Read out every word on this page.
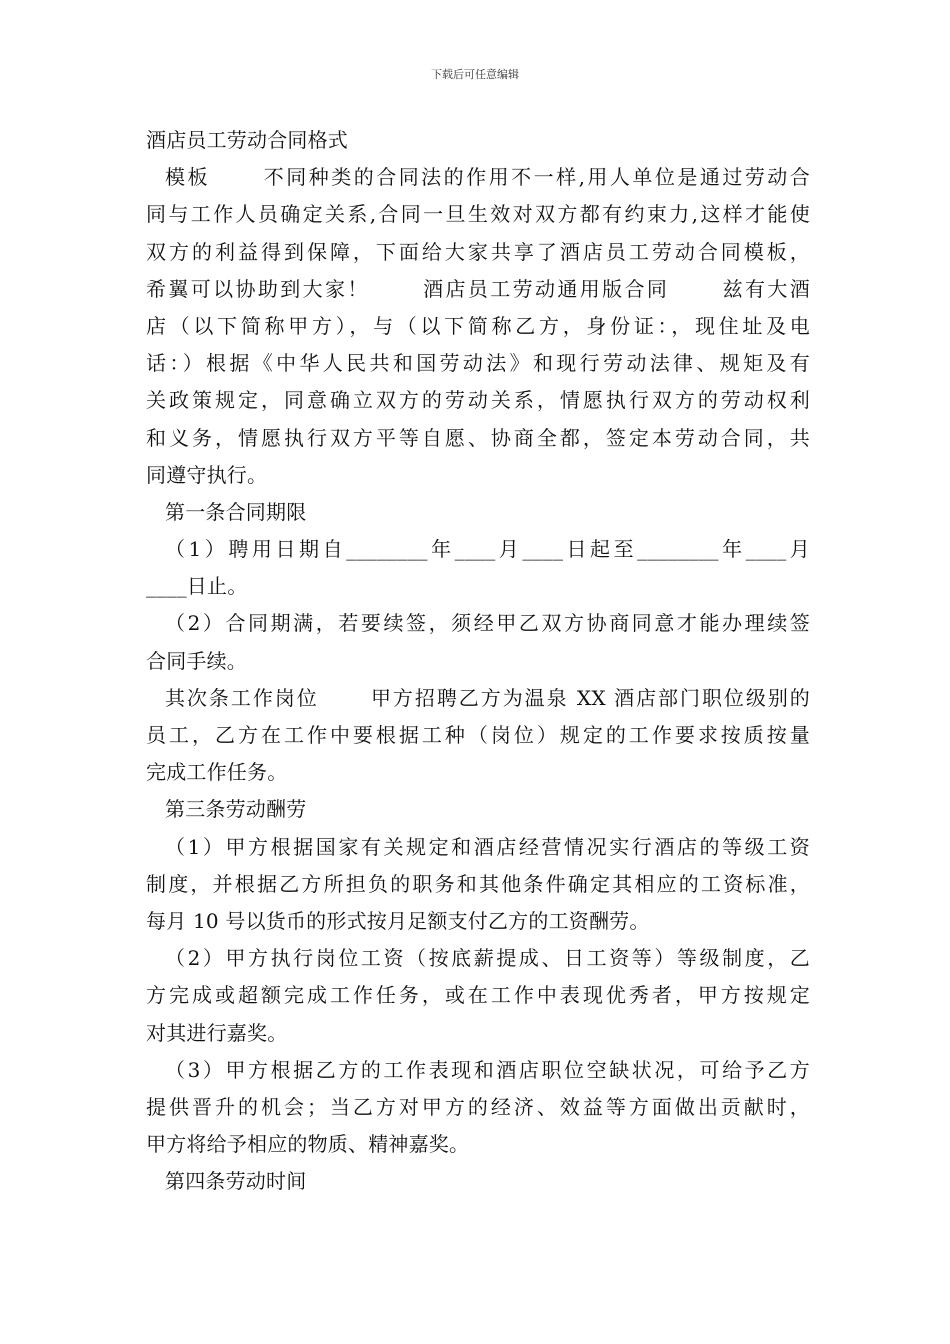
下载后可任意编辑
酒店员工劳动合同格式
模板　　 不同种类的合同法的作用不一样,用人单位是通过劳动合
同与工作人员确定关系,合同一旦生效对双方都有约束力,这样才能使
双方的利益得到保障，下面给大家共享了酒店员工劳动合同模板，
希翼可以协助到大家！　　 酒店员工劳动通用版合同　　 兹有大酒
店（以下简称甲方），与（以下简称乙方，身份证：，现住址及电
话：）根据《中华人民共和国劳动法》和现行劳动法律、规矩及有
关政策规定，同意确立双方的劳动关系，情愿执行双方的劳动权利
和义务，情愿执行双方平等自愿、协商全都，签定本劳动合同，共
同遵守执行。
第一条合同期限
（1）聘用日期自________年____月____日起至________年____月
____日止。
（2）合同期满，若要续签，须经甲乙双方协商同意才能办理续签
合同手续。
其次条工作岗位　　 甲方招聘乙方为温泉 XX 酒店部门职位级别的
员工，乙方在工作中要根据工种（岗位）规定的工作要求按质按量
完成工作任务。
第三条劳动酬劳
（1）甲方根据国家有关规定和酒店经营情况实行酒店的等级工资
制度，并根据乙方所担负的职务和其他条件确定其相应的工资标准，
每月 10 号以货币的形式按月足额支付乙方的工资酬劳。
（2）甲方执行岗位工资（按底薪提成、日工资等）等级制度，乙
方完成或超额完成工作任务，或在工作中表现优秀者，甲方按规定
对其进行嘉奖。
（3）甲方根据乙方的工作表现和酒店职位空缺状况，可给予乙方
提供晋升的机会；当乙方对甲方的经济、效益等方面做出贡献时，
甲方将给予相应的物质、精神嘉奖。
第四条劳动时间
